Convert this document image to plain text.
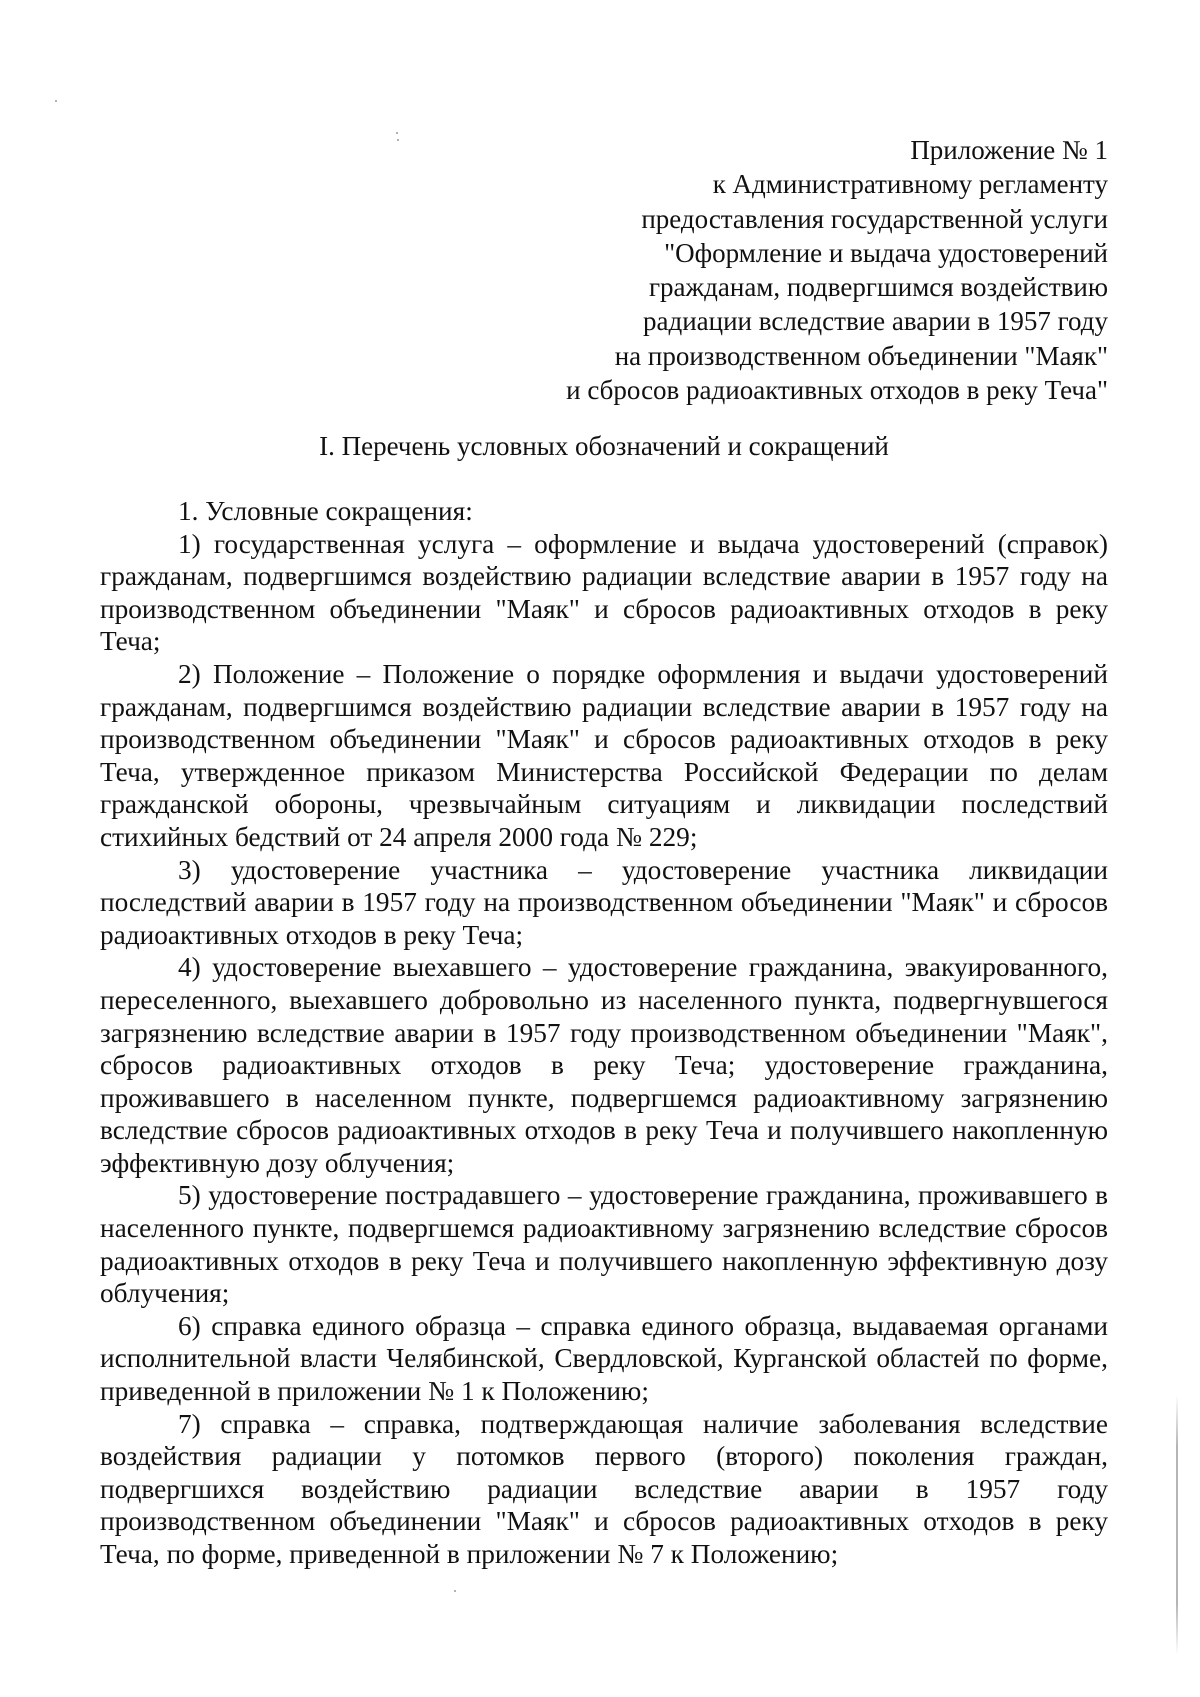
Приложение № 1
к Административному регламенту
предоставления государственной услуги
"Оформление и выдача удостоверений
гражданам, подвергшимся воздействию
радиации вследствие аварии в 1957 году
на производственном объединении "Маяк"
и сбросов радиоактивных отходов в реку Теча"
I. Перечень условных обозначений и сокращений

1. Условные сокращения:

1) государственная услуга – оформление и выдача удостоверений (справок) гражданам, подвергшимся воздействию радиации вследствие аварии в 1957 году на производственном объединении "Маяк" и сбросов радиоактивных отходов в реку Теча;

2) Положение – Положение о порядке оформления и выдачи удостоверений гражданам, подвергшимся воздействию радиации вследствие аварии в 1957 году на производственном объединении "Маяк" и сбросов радиоактивных отходов в реку Теча, утвержденное приказом Министерства Российской Федерации по делам гражданской обороны, чрезвычайным ситуациям и ликвидации последствий стихийных бедствий от 24 апреля 2000 года № 229;

3) удостоверение участника – удостоверение участника ликвидации последствий аварии в 1957 году на производственном объединении "Маяк" и сбросов радиоактивных отходов в реку Теча;

4) удостоверение выехавшего – удостоверение гражданина, эвакуированного, переселенного, выехавшего добровольно из населенного пункта, подвергнувшегося загрязнению вследствие аварии в 1957 году производственном объединении "Маяк", сбросов радиоактивных отходов в реку Теча; удостоверение гражданина, проживавшего в населенном пункте, подвергшемся радиоактивному загрязнению вследствие сбросов радиоактивных отходов в реку Теча и получившего накопленную эффективную дозу облучения;

5) удостоверение пострадавшего – удостоверение гражданина, проживавшего в населенного пункте, подвергшемся радиоактивному загрязнению вследствие сбросов радиоактивных отходов в реку Теча и получившего накопленную эффективную дозу облучения;

6) справка единого образца – справка единого образца, выдаваемая органами исполнительной власти Челябинской, Свердловской, Курганской областей по форме, приведенной в приложении № 1 к Положению;

7) справка – справка, подтверждающая наличие заболевания вследствие воздействия радиации у потомков первого (второго) поколения граждан, подвергшихся воздействию радиации вследствие аварии в 1957 году производственном объединении "Маяк" и сбросов радиоактивных отходов в реку Теча, по форме, приведенной в приложении № 7 к Положению;
